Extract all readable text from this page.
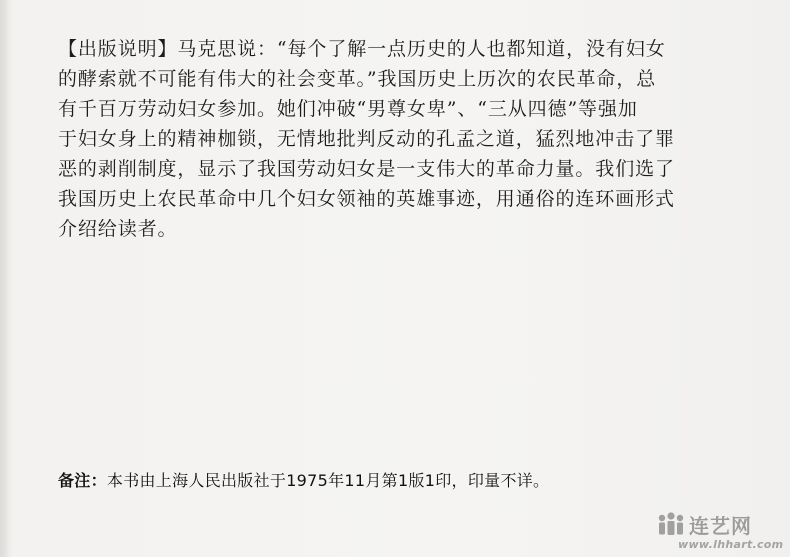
【出版说明】马克思说：“每个了解一点历史的人也都知道，没有妇女
的酵索就不可能有伟大的社会变革。”我国历史上历次的农民革命，总
有千百万劳动妇女参加。她们冲破“男尊女卑”、“三从四德”等强加
于妇女身上的精神枷锁，无情地批判反动的孔孟之道，猛烈地冲击了罪
恶的剥削制度，显示了我国劳动妇女是一支伟大的革命力量。我们选了
我国历史上农民革命中几个妇女领袖的英雄事迹，用通俗的连环画形式
介绍给读者。
备注：本书由上海人民出版社于1975年11月第1版1印，印量不详。
连艺网
www.lhhart.com
